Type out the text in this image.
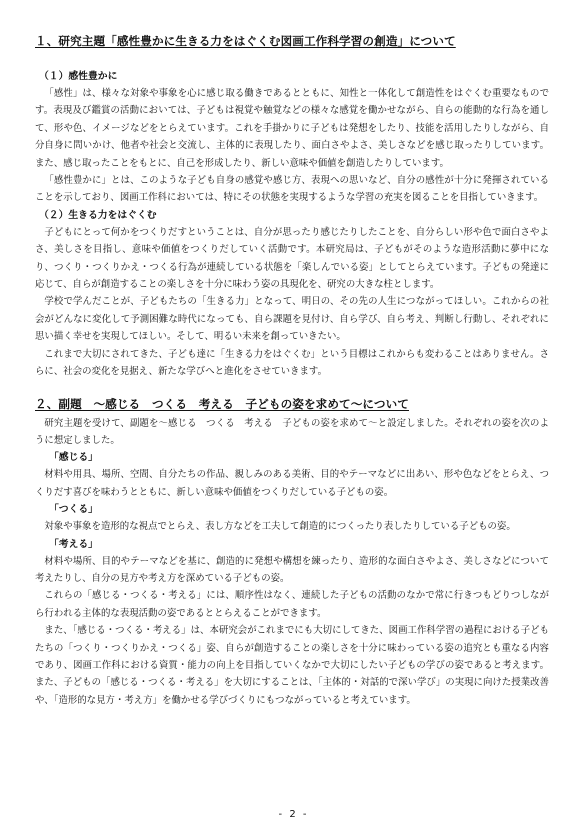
１、研究主題「感性豊かに生きる力をはぐくむ図画工作科学習の創造」について
（１）感性豊かに

「感性」は、様々な対象や事象を心に感じ取る働きであるとともに、知性と一体化して創造性をはぐくむ重要なものです。表現及び鑑賞の活動においては、子どもは視覚や触覚などの様々な感覚を働かせながら、自らの能動的な行為を通して、形や色、イメージなどをとらえています。これを手掛かりに子どもは発想をしたり、技能を活用したりしながら、自分自身に問いかけ、他者や社会と交流し、主体的に表現したり、面白さやよさ、美しさなどを感じ取ったりしています。また、感じ取ったことをもとに、自己を形成したり、新しい意味や価値を創造したりしています。

「感性豊かに」とは、このような子ども自身の感覚や感じ方、表現への思いなど、自分の感性が十分に発揮されていることを示しており、図画工作科においては、特にその状態を実現するような学習の充実を図ることを目指していきます。

（２）生きる力をはぐくむ

子どもにとって何かをつくりだすということは、自分が思ったり感じたりしたことを、自分らしい形や色で面白さやよさ、美しさを目指し、意味や価値をつくりだしていく活動です。本研究局は、子どもがそのような造形活動に夢中になり、つくり・つくりかえ・つくる行為が連続している状態を「楽しんでいる姿」としてとらえています。子どもの発達に応じて、自らが創造することの楽しさを十分に味わう姿の具現化を、研究の大きな柱とします。

学校で学んだことが、子どもたちの「生きる力」となって、明日の、その先の人生につながってほしい。これからの社会がどんなに変化して予測困難な時代になっても、自ら課題を見付け、自ら学び、自ら考え、判断し行動し、それぞれに思い描く幸せを実現してほしい。そして、明るい未来を創っていきたい。

これまで大切にされてきた、子ども達に「生きる力をはぐくむ」という目標はこれからも変わることはありません。さらに、社会の変化を見据え、新たな学びへと進化をさせていきます。

２、副題　～感じる　つくる　考える　子どもの姿を求めて～について

研究主題を受けて、副題を～感じる　つくる　考える　子どもの姿を求めて～と設定しました。それぞれの姿を次のように想定しました。

「感じる」

材料や用具、場所、空間、自分たちの作品、親しみのある美術、目的やテーマなどに出あい、形や色などをとらえ、つくりだす喜びを味わうとともに、新しい意味や価値をつくりだしている子どもの姿。

「つくる」

対象や事象を造形的な視点でとらえ、表し方などを工夫して創造的につくったり表したりしている子どもの姿。

「考える」

材料や場所、目的やテーマなどを基に、創造的に発想や構想を練ったり、造形的な面白さやよさ、美しさなどについて考えたりし、自分の見方や考え方を深めている子どもの姿。

これらの「感じる・つくる・考える」には、順序性はなく、連続した子どもの活動のなかで常に行きつもどりつしながら行われる主体的な表現活動の姿であるととらえることができます。

また、「感じる・つくる・考える」は、本研究会がこれまでにも大切にしてきた、図画工作科学習の過程における子どもたちの「つくり・つくりかえ・つくる」姿、自らが創造することの楽しさを十分に味わっている姿の追究とも重なる内容であり、図画工作科における資質・能力の向上を目指していくなかで大切にしたい子どもの学びの姿であると考えます。また、子どもの「感じる・つくる・考える」を大切にすることは、「主体的・対話的で深い学び」の実現に向けた授業改善や、「造形的な見方・考え方」を働かせる学びづくりにもつながっていると考えています。

- 2 -
